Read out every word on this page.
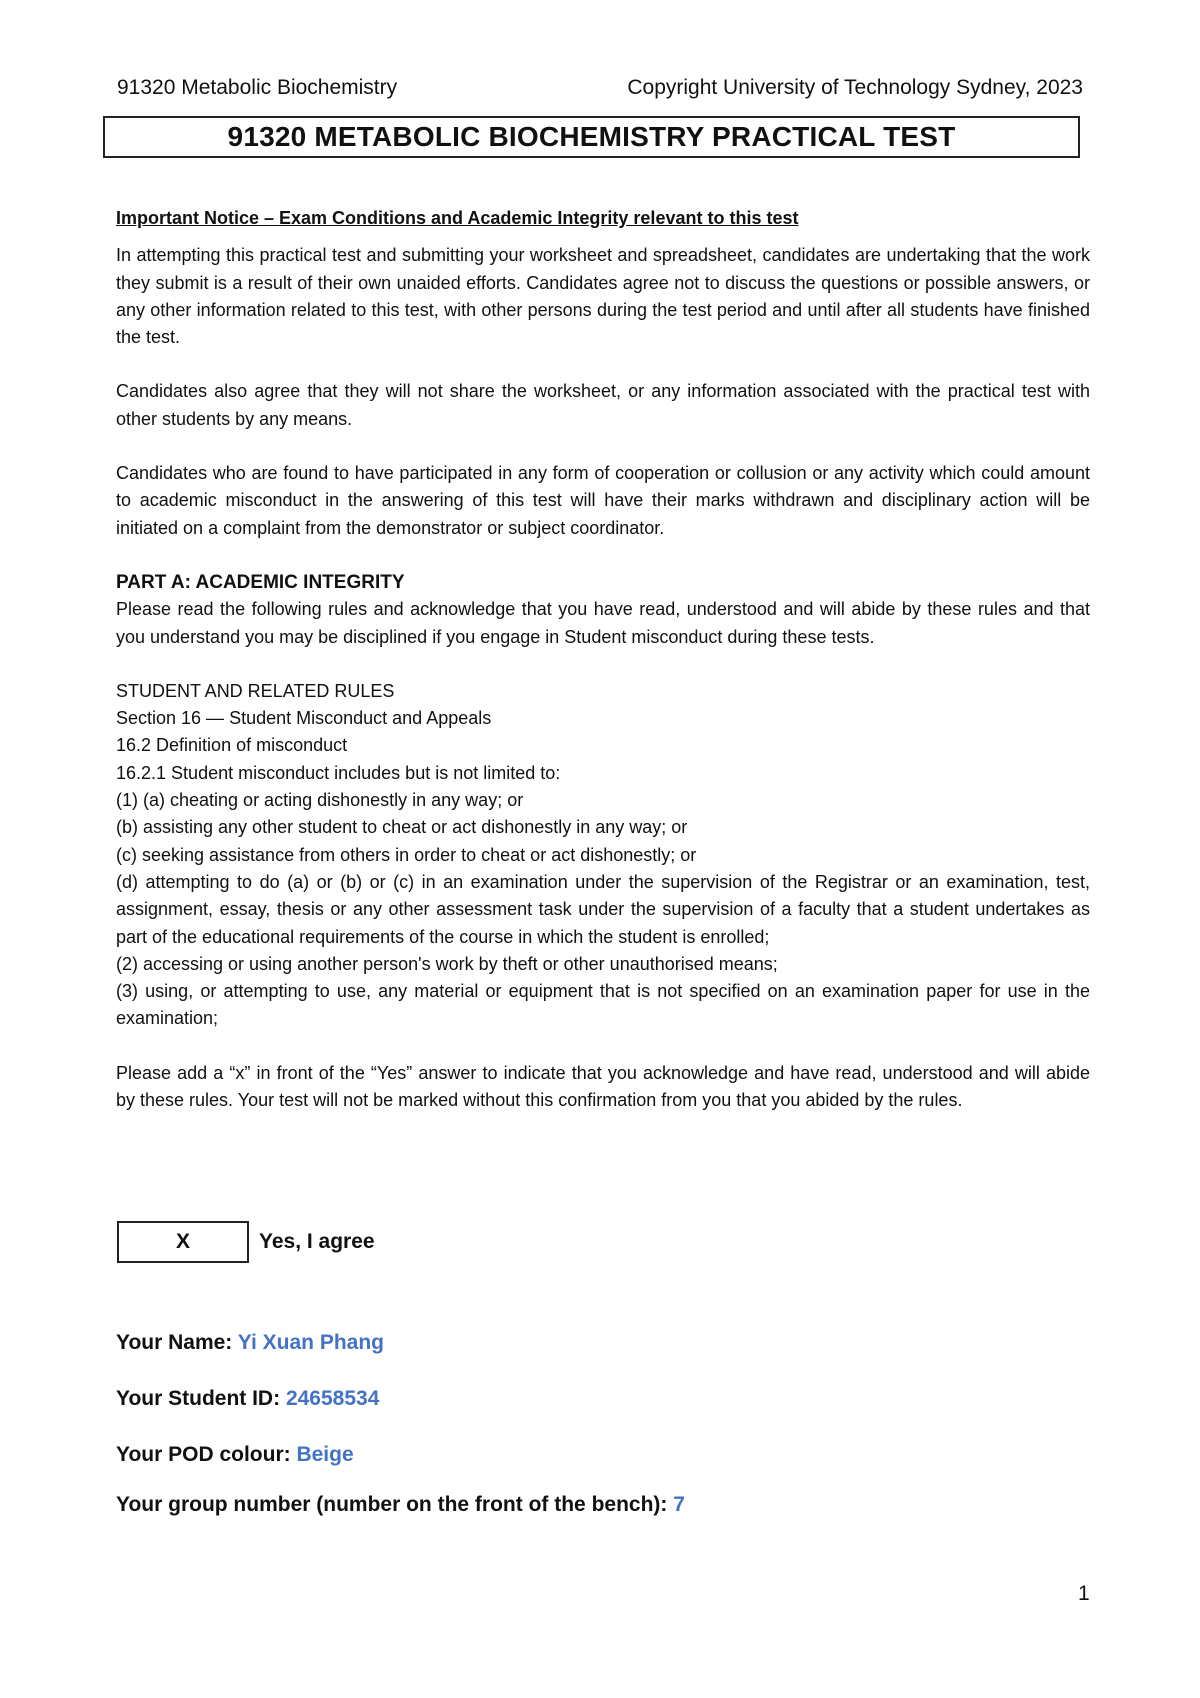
91320 Metabolic Biochemistry	Copyright University of Technology Sydney, 2023
91320 METABOLIC BIOCHEMISTRY PRACTICAL TEST

Important Notice – Exam Conditions and Academic Integrity relevant to this test

In attempting this practical test and submitting your worksheet and spreadsheet, candidates are undertaking that the work they submit is a result of their own unaided efforts. Candidates agree not to discuss the questions or possible answers, or any other information related to this test, with other persons during the test period and until after all students have finished the test.

Candidates also agree that they will not share the worksheet, or any information associated with the practical test with other students by any means.

Candidates who are found to have participated in any form of cooperation or collusion or any activity which could amount to academic misconduct in the answering of this test will have their marks withdrawn and disciplinary action will be initiated on a complaint from the demonstrator or subject coordinator.

PART A: ACADEMIC INTEGRITY

Please read the following rules and acknowledge that you have read, understood and will abide by these rules and that you understand you may be disciplined if you engage in Student misconduct during these tests.

STUDENT AND RELATED RULES

Section 16 — Student Misconduct and Appeals

16.2 Definition of misconduct

16.2.1 Student misconduct includes but is not limited to:

(1) (a) cheating or acting dishonestly in any way; or

(b) assisting any other student to cheat or act dishonestly in any way; or

(c) seeking assistance from others in order to cheat or act dishonestly; or

(d) attempting to do (a) or (b) or (c) in an examination under the supervision of the Registrar or an examination, test, assignment, essay, thesis or any other assessment task under the supervision of a faculty that a student undertakes as part of the educational requirements of the course in which the student is enrolled;

(2) accessing or using another person's work by theft or other unauthorised means;

(3) using, or attempting to use, any material or equipment that is not specified on an examination paper for use in the examination;

Please add a “x” in front of the “Yes” answer to indicate that you acknowledge and have read, understood and will abide by these rules. Your test will not be marked without this confirmation from you that you abided by the rules.

X	Yes, I agree
Your Name: Yi Xuan Phang
Your Student ID: 24658534
Your POD colour: Beige
Your group number (number on the front of the bench): 7
1
